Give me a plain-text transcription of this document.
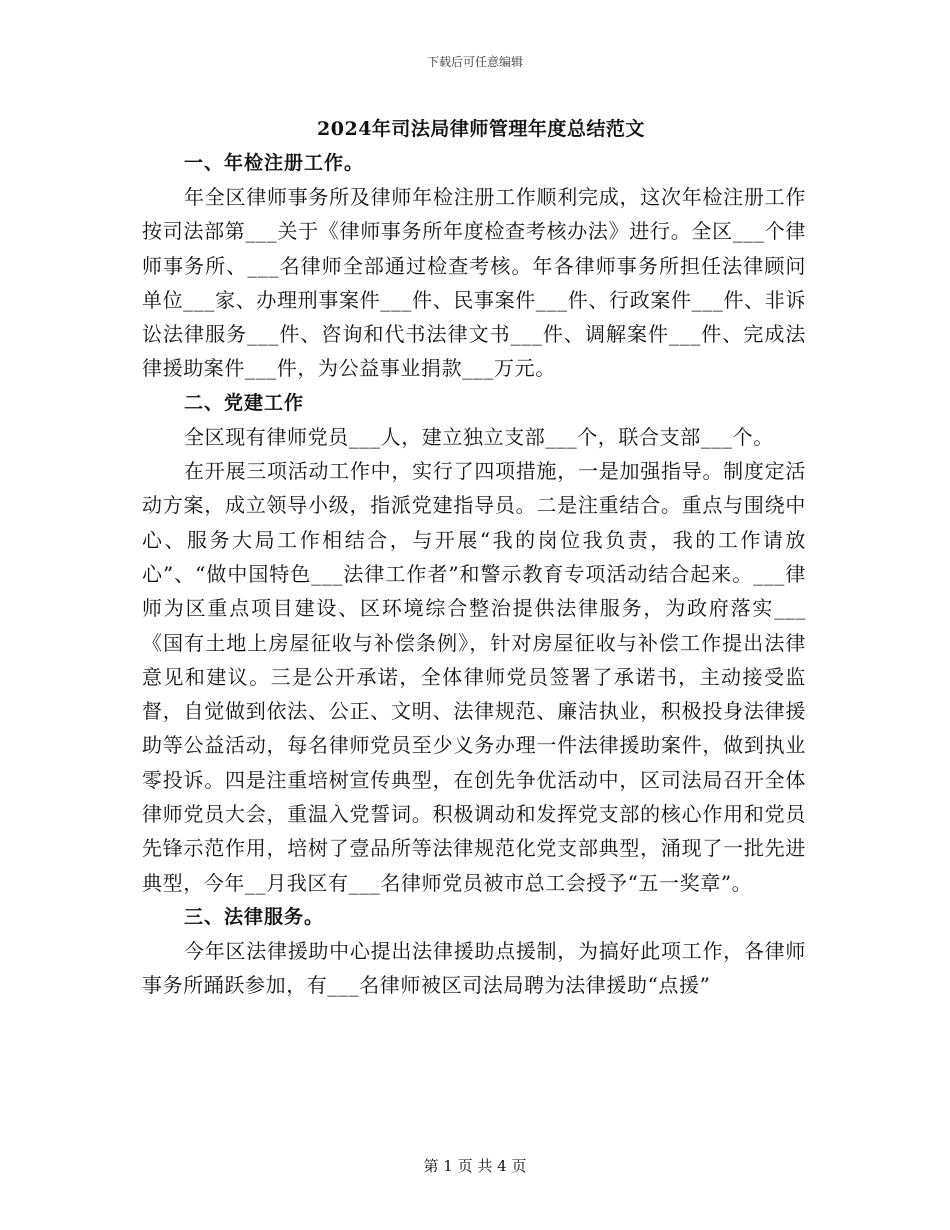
下载后可任意编辑
2024年司法局律师管理年度总结范文

一、年检注册工作。

年全区律师事务所及律师年检注册工作顺利完成，这次年检注册工作按司法部第___关于《律师事务所年度检查考核办法》进行。全区___个律师事务所、___名律师全部通过检查考核。年各律师事务所担任法律顾问单位___家、办理刑事案件___件、民事案件___件、行政案件___件、非诉讼法律服务___件、咨询和代书法律文书___件、调解案件___件、完成法律援助案件___件，为公益事业捐款___万元。

二、党建工作

全区现有律师党员___人，建立独立支部___个，联合支部___个。

在开展三项活动工作中，实行了四项措施，一是加强指导。制度定活动方案，成立领导小级，指派党建指导员。二是注重结合。重点与围绕中心、服务大局工作相结合，与开展“我的岗位我负责，我的工作请放心”、“做中国特色___法律工作者”和警示教育专项活动结合起来。___律师为区重点项目建设、区环境综合整治提供法律服务，为政府落实___《国有土地上房屋征收与补偿条例》，针对房屋征收与补偿工作提出法律意见和建议。三是公开承诺，全体律师党员签署了承诺书，主动接受监督，自觉做到依法、公正、文明、法律规范、廉洁执业，积极投身法律援助等公益活动，每名律师党员至少义务办理一件法律援助案件，做到执业零投诉。四是注重培树宣传典型，在创先争优活动中，区司法局召开全体律师党员大会，重温入党誓词。积极调动和发挥党支部的核心作用和党员先锋示范作用，培树了壹品所等法律规范化党支部典型，涌现了一批先进典型，今年__月我区有___名律师党员被市总工会授予“五一奖章”。

三、法律服务。

今年区法律援助中心提出法律援助点援制，为搞好此项工作，各律师事务所踊跃参加，有___名律师被区司法局聘为法律援助“点援”

第 1 页 共 4 页
